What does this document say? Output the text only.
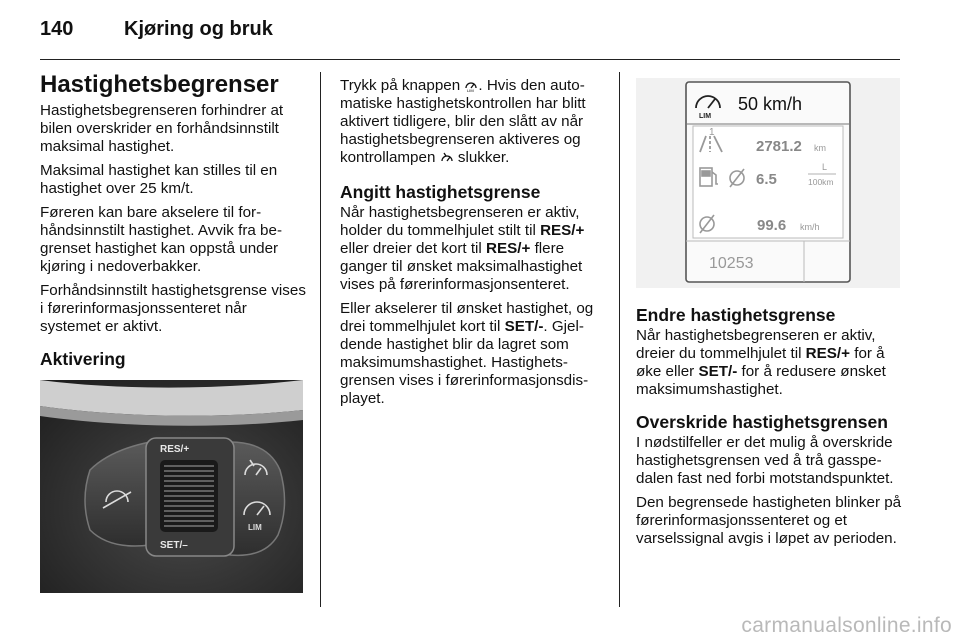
140	Kjøring og bruk
Hastighetsbegrenser

Hastighetsbegrenseren forhindrer at bilen overskrider en forhåndsinnstilt maksimal hastighet.

Maksimal hastighet kan stilles til en hastighet over 25 km/t.

Føreren kan bare akselere til forhåndsinnstilt hastighet. Avvik fra begrenset hastighet kan oppstå under kjøring i nedoverbakker.

Forhåndsinnstilt hastighetsgrense vises i førerinformasjonssenteret når systemet er aktivt.

Aktivering
RES/+
SET/–
LIM

Trykk på knappen LIM . Hvis den automatiske hastighetskontrollen har blitt aktivert tidligere, blir den slått av når hastighetsbegrenseren aktiveres og kontrollampen  slukker.

Angitt hastighetsgrense

Når hastighetsbegrenseren er aktiv, holder du tommelhjulet stilt til RES/+ eller dreier det kort til RES/+ flere ganger til ønsket maksimalhastighet vises på førerinformasjonsenteret.

Eller akselerer til ønsket hastighet, og drei tommelhjulet kort til SET/-. Gjeldende hastighet blir da lagret som maksimumshastighet. Hastighetsgrensen vises i førerinformasjonsdisplayet.

LIM
50 km/h
1
2781.2 km
6.5
L
100km
99.6 km/h
10253
Endre hastighetsgrense

Når hastighetsbegrenseren er aktiv, dreier du tommelhjulet til RES/+ for å øke eller SET/- for å redusere ønsket maksimumshastighet.

Overskride hastighetsgrensen

I nødstilfeller er det mulig å overskride hastighetsgrensen ved å trå gasspedalen fast ned forbi motstandspunktet.

Den begrensede hastigheten blinker på førerinformasjonssenteret og et varselssignal avgis i løpet av perioden.

carmanualsonline.info
